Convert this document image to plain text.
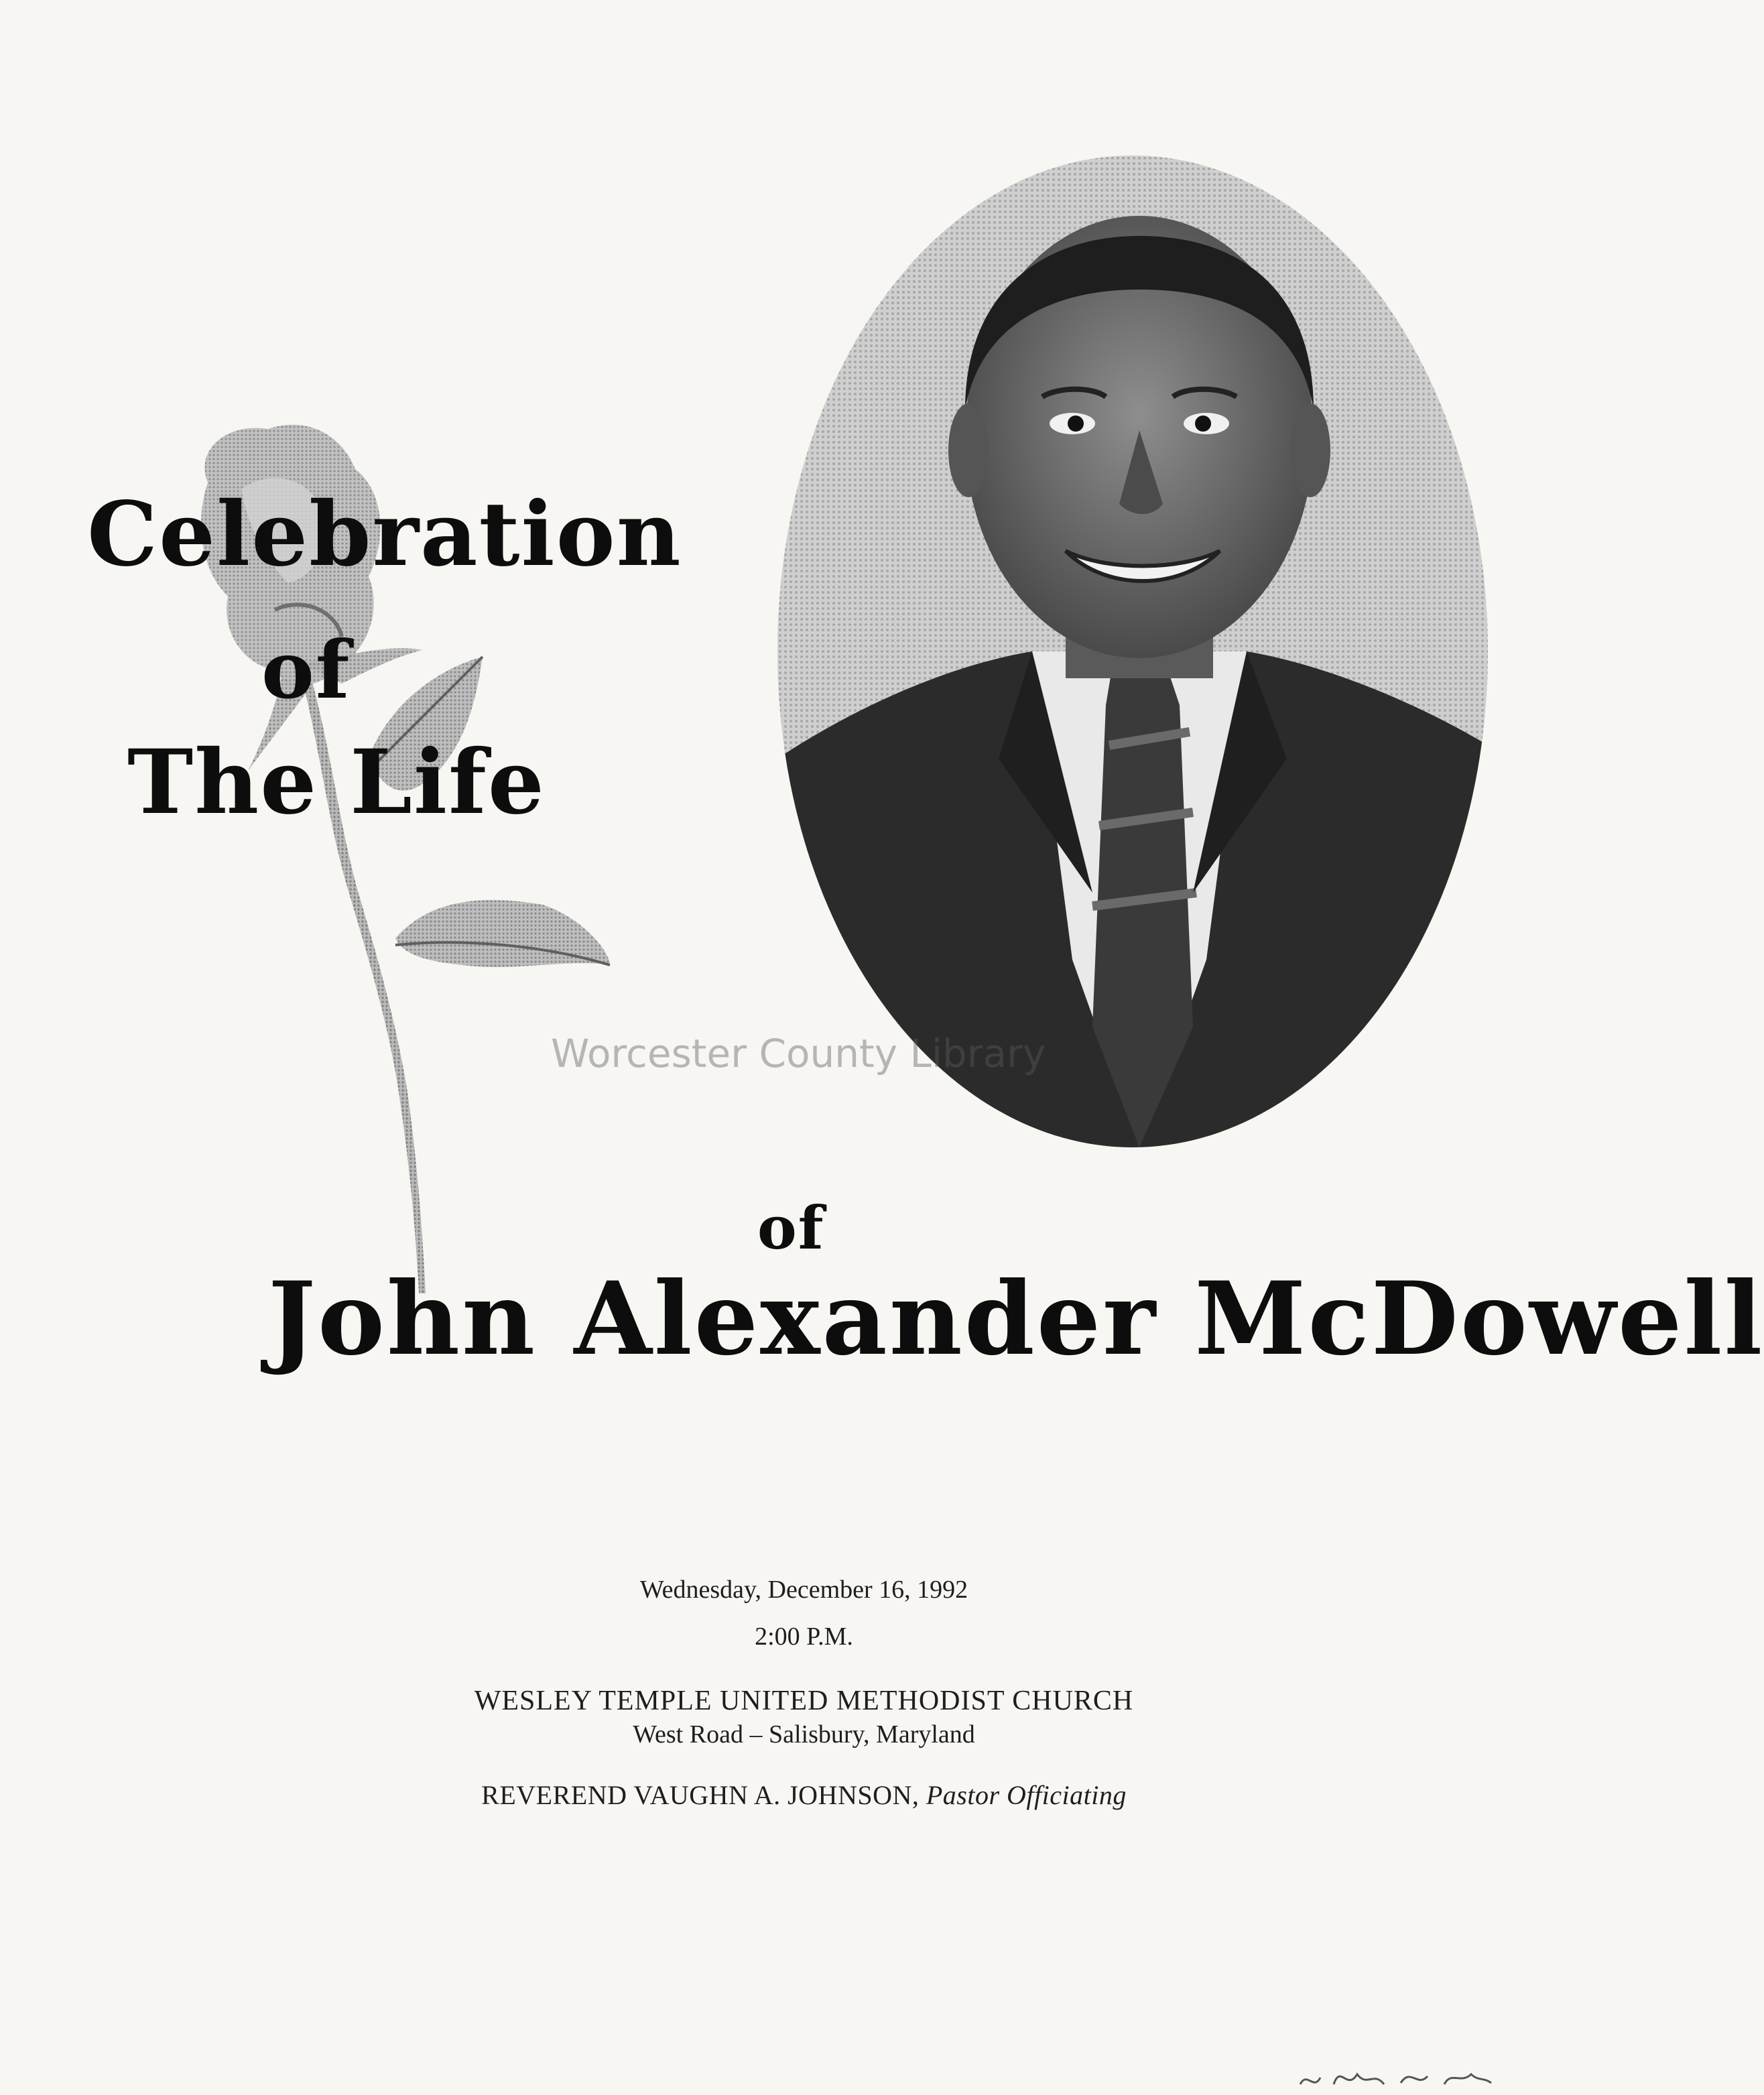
Celebration
of
The Life
Worcester County Library
of
John Alexander McDowell
Wednesday, December 16, 1992
2:00 P.M.
WESLEY TEMPLE UNITED METHODIST CHURCH
West Road – Salisbury, Maryland
REVEREND VAUGHN A. JOHNSON, Pastor Officiating
